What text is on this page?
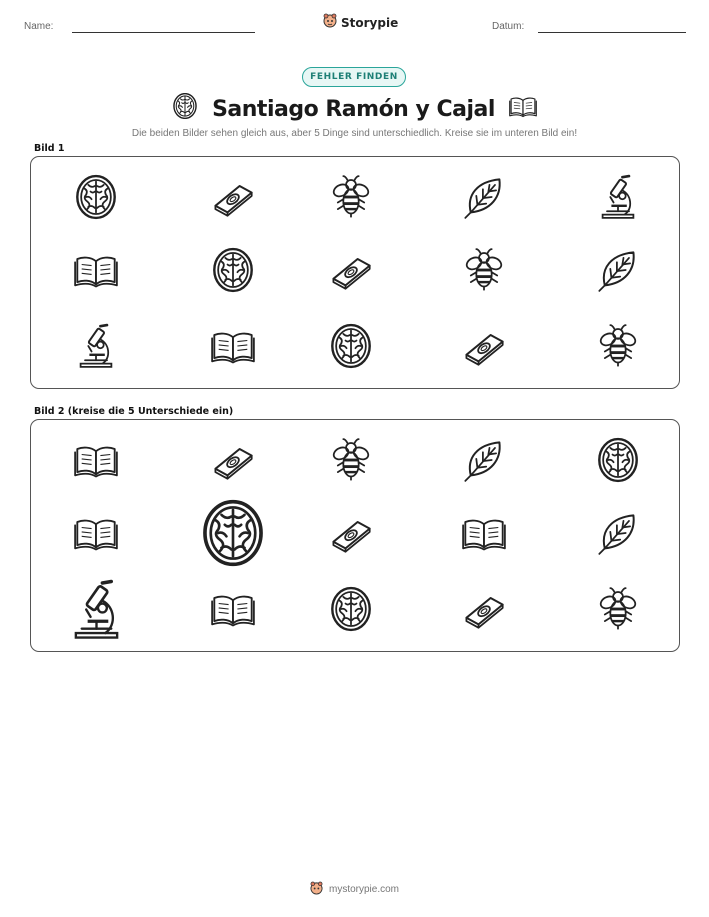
Name:	Storypie	Datum:
FEHLER FINDEN
Santiago Ramón y Cajal
Die beiden Bilder sehen gleich aus, aber 5 Dinge sind unterschiedlich. Kreise sie im unteren Bild ein!
Bild 1
Bild 2 (kreise die 5 Unterschiede ein)
mystorypie.com
